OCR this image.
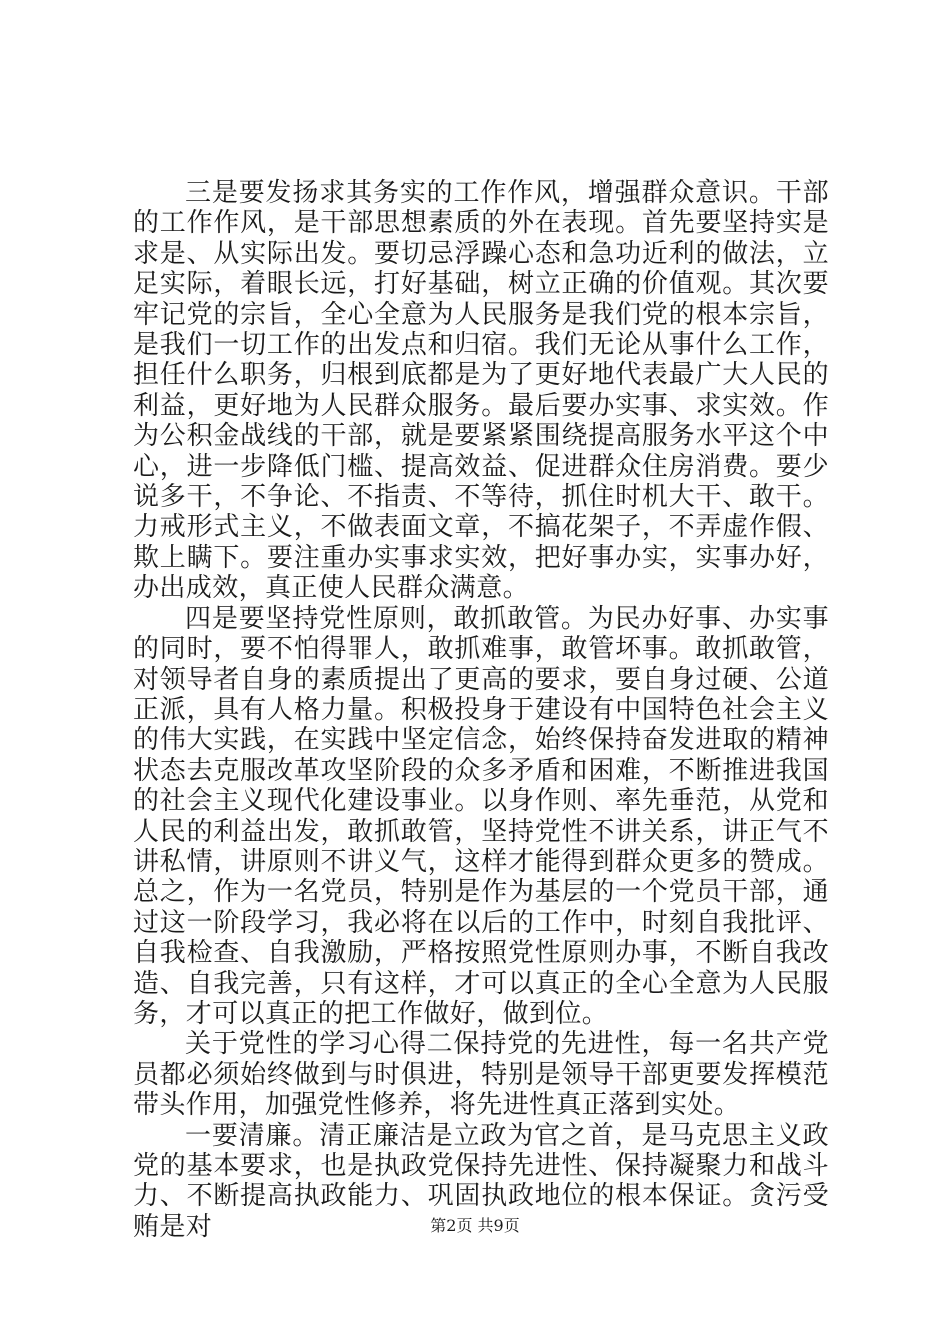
三是要发扬求其务实的工作作风，增强群众意识。干部的工作作风，是干部思想素质的外在表现。首先要坚持实是求是、从实际出发。要切忌浮躁心态和急功近利的做法，立足实际，着眼长远，打好基础，树立正确的价值观。其次要牢记党的宗旨，全心全意为人民服务是我们党的根本宗旨，是我们一切工作的出发点和归宿。我们无论从事什么工作，担任什么职务，归根到底都是为了更好地代表最广大人民的利益，更好地为人民群众服务。最后要办实事、求实效。作为公积金战线的干部，就是要紧紧围绕提高服务水平这个中心，进一步降低门槛、提高效益、促进群众住房消费。要少说多干，不争论、不指责、不等待，抓住时机大干、敢干。力戒形式主义，不做表面文章，不搞花架子，不弄虚作假、欺上瞒下。要注重办实事求实效，把好事办实，实事办好，办出成效，真正使人民群众满意。

四是要坚持党性原则，敢抓敢管。为民办好事、办实事的同时，要不怕得罪人，敢抓难事，敢管坏事。敢抓敢管，对领导者自身的素质提出了更高的要求，要自身过硬、公道正派，具有人格力量。积极投身于建设有中国特色社会主义的伟大实践，在实践中坚定信念，始终保持奋发进取的精神状态去克服改革攻坚阶段的众多矛盾和困难，不断推进我国的社会主义现代化建设事业。以身作则、率先垂范，从党和人民的利益出发，敢抓敢管，坚持党性不讲关系，讲正气不讲私情，讲原则不讲义气，这样才能得到群众更多的赞成。总之，作为一名党员，特别是作为基层的一个党员干部，通过这一阶段学习，我必将在以后的工作中，时刻自我批评、自我检查、自我激励，严格按照党性原则办事，不断自我改造、自我完善，只有这样，才可以真正的全心全意为人民服务，才可以真正的把工作做好，做到位。

关于党性的学习心得二保持党的先进性，每一名共产党员都必须始终做到与时俱进，特别是领导干部更要发挥模范带头作用，加强党性修养，将先进性真正落到实处。

一要清廉。清正廉洁是立政为官之首，是马克思主义政党的基本要求，也是执政党保持先进性、保持凝聚力和战斗力、不断提高执政能力、巩固执政地位的根本保证。贪污受贿是对	第2页 共9页
